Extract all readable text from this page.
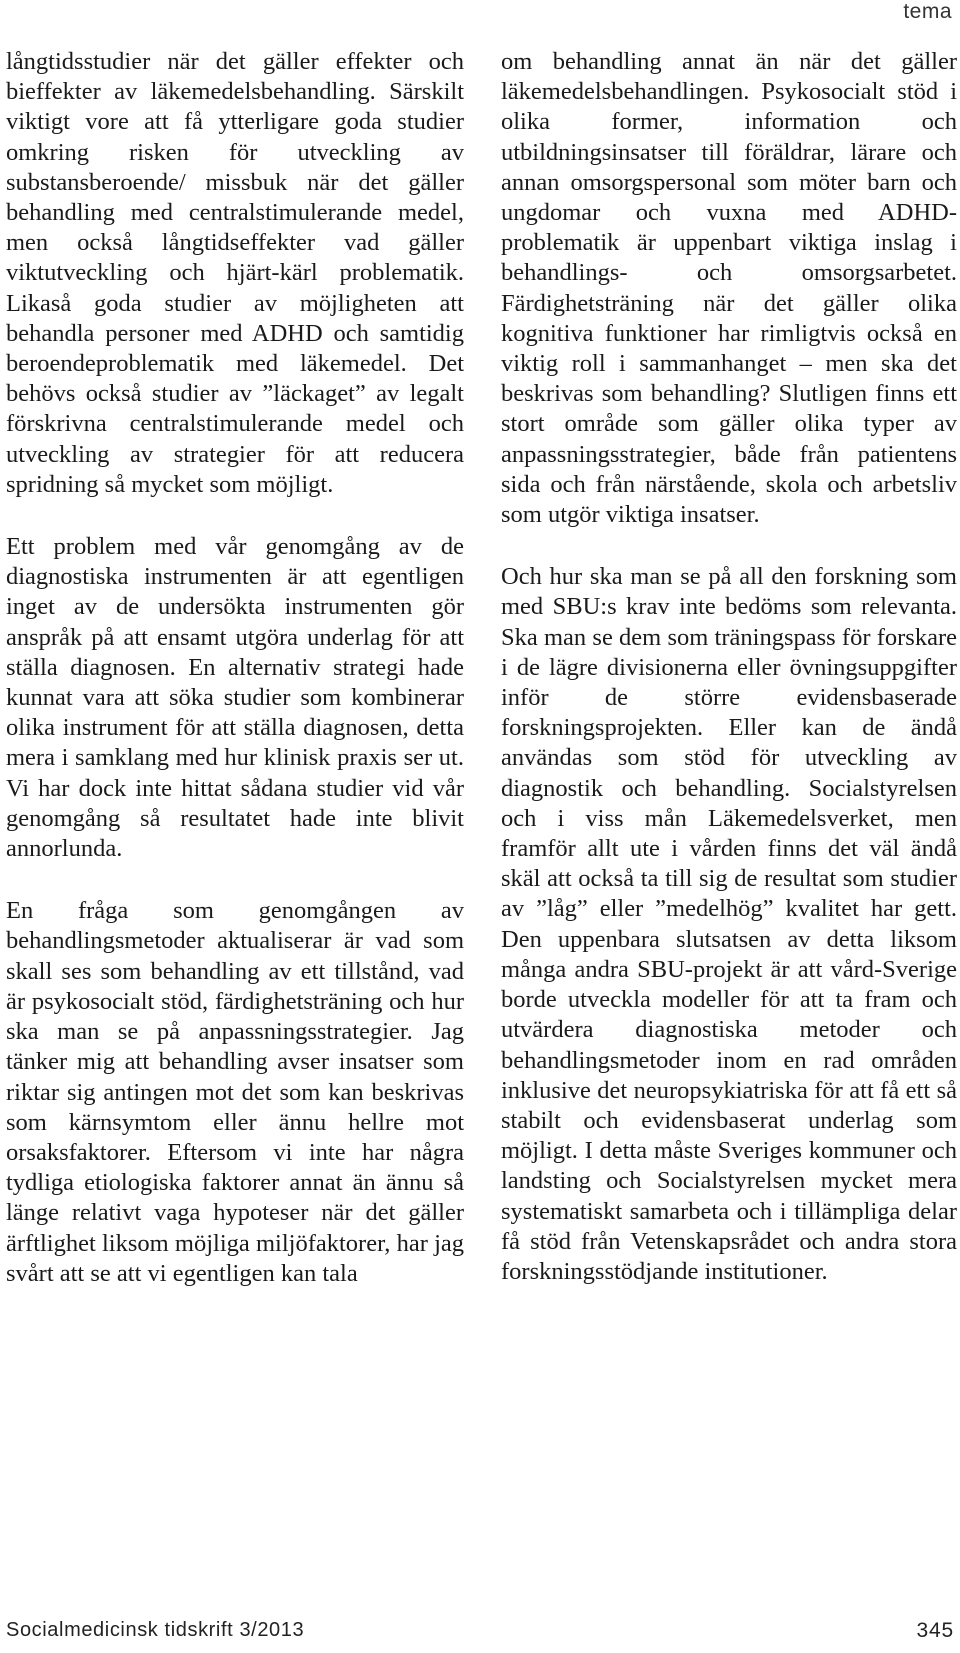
tema

långtidsstudier när det gäller effekter och bieffekter av läkemedelsbehandling. Särskilt viktigt vore att få ytterligare goda studier omkring risken för utveckling av substansberoende/ missbuk när det gäller behandling med centralstimulerande medel, men också långtidseffekter vad gäller viktutveckling och hjärt-kärl problematik. Likaså goda studier av möjligheten att behandla personer med ADHD och samtidig beroendeproblematik med läkemedel. Det behövs också studier av ”läckaget” av legalt förskrivna centralstimulerande medel och utveckling av strategier för att reducera spridning så mycket som möjligt.

Ett problem med vår genomgång av de diagnostiska instrumenten är att egentligen inget av de undersökta instrumenten gör anspråk på att ensamt utgöra underlag för att ställa diagnosen. En alternativ strategi hade kunnat vara att söka studier som kombinerar olika instrument för att ställa diagnosen, detta mera i samklang med hur klinisk praxis ser ut. Vi har dock inte hittat sådana studier vid vår genomgång så resultatet hade inte blivit annorlunda.

En fråga som genomgången av behandlingsmetoder aktualiserar är vad som skall ses som behandling av ett tillstånd, vad är psykosocialt stöd, färdighetsträning och hur ska man se på anpassningsstrategier. Jag tänker mig att behandling avser insatser som riktar sig antingen mot det som kan beskrivas som kärnsymtom eller ännu hellre mot orsaksfaktorer. Eftersom vi inte har några tydliga etiologiska faktorer annat än ännu så länge relativt vaga hypoteser när det gäller ärftlighet liksom möjliga miljöfaktorer, har jag svårt att se att vi egentligen kan tala

om behandling annat än när det gäller läkemedelsbehandlingen. Psykosocialt stöd i olika former, information och utbildningsinsatser till föräldrar, lärare och annan omsorgspersonal som möter barn och ungdomar och vuxna med ADHD-problematik är uppenbart viktiga inslag i behandlings- och omsorgsarbetet. Färdighetsträning när det gäller olika kognitiva funktioner har rimligtvis också en viktig roll i sammanhanget – men ska det beskrivas som behandling? Slutligen finns ett stort område som gäller olika typer av anpassningsstrategier, både från patientens sida och från närstående, skola och arbetsliv som utgör viktiga insatser.

Och hur ska man se på all den forskning som med SBU:s krav inte bedöms som relevanta. Ska man se dem som träningspass för forskare i de lägre divisionerna eller övningsuppgifter inför de större evidensbaserade forskningsprojekten. Eller kan de ändå användas som stöd för utveckling av diagnostik och behandling. Socialstyrelsen och i viss mån Läkemedelsverket, men framför allt ute i vården finns det väl ändå skäl att också ta till sig de resultat som studier av ”låg” eller ”medelhög” kvalitet har gett. Den uppenbara slutsatsen av detta liksom många andra SBU-projekt är att vård-Sverige borde utveckla modeller för att ta fram och utvärdera diagnostiska metoder och behandlingsmetoder inom en rad områden inklusive det neuropsykiatriska för att få ett så stabilt och evidensbaserat underlag som möjligt. I detta måste Sveriges kommuner och landsting och Socialstyrelsen mycket mera systematiskt samarbeta och i tillämpliga delar få stöd från Vetenskapsrådet och andra stora forskningsstödjande institutioner.

Socialmedicinsk tidskrift 3/2013	345
